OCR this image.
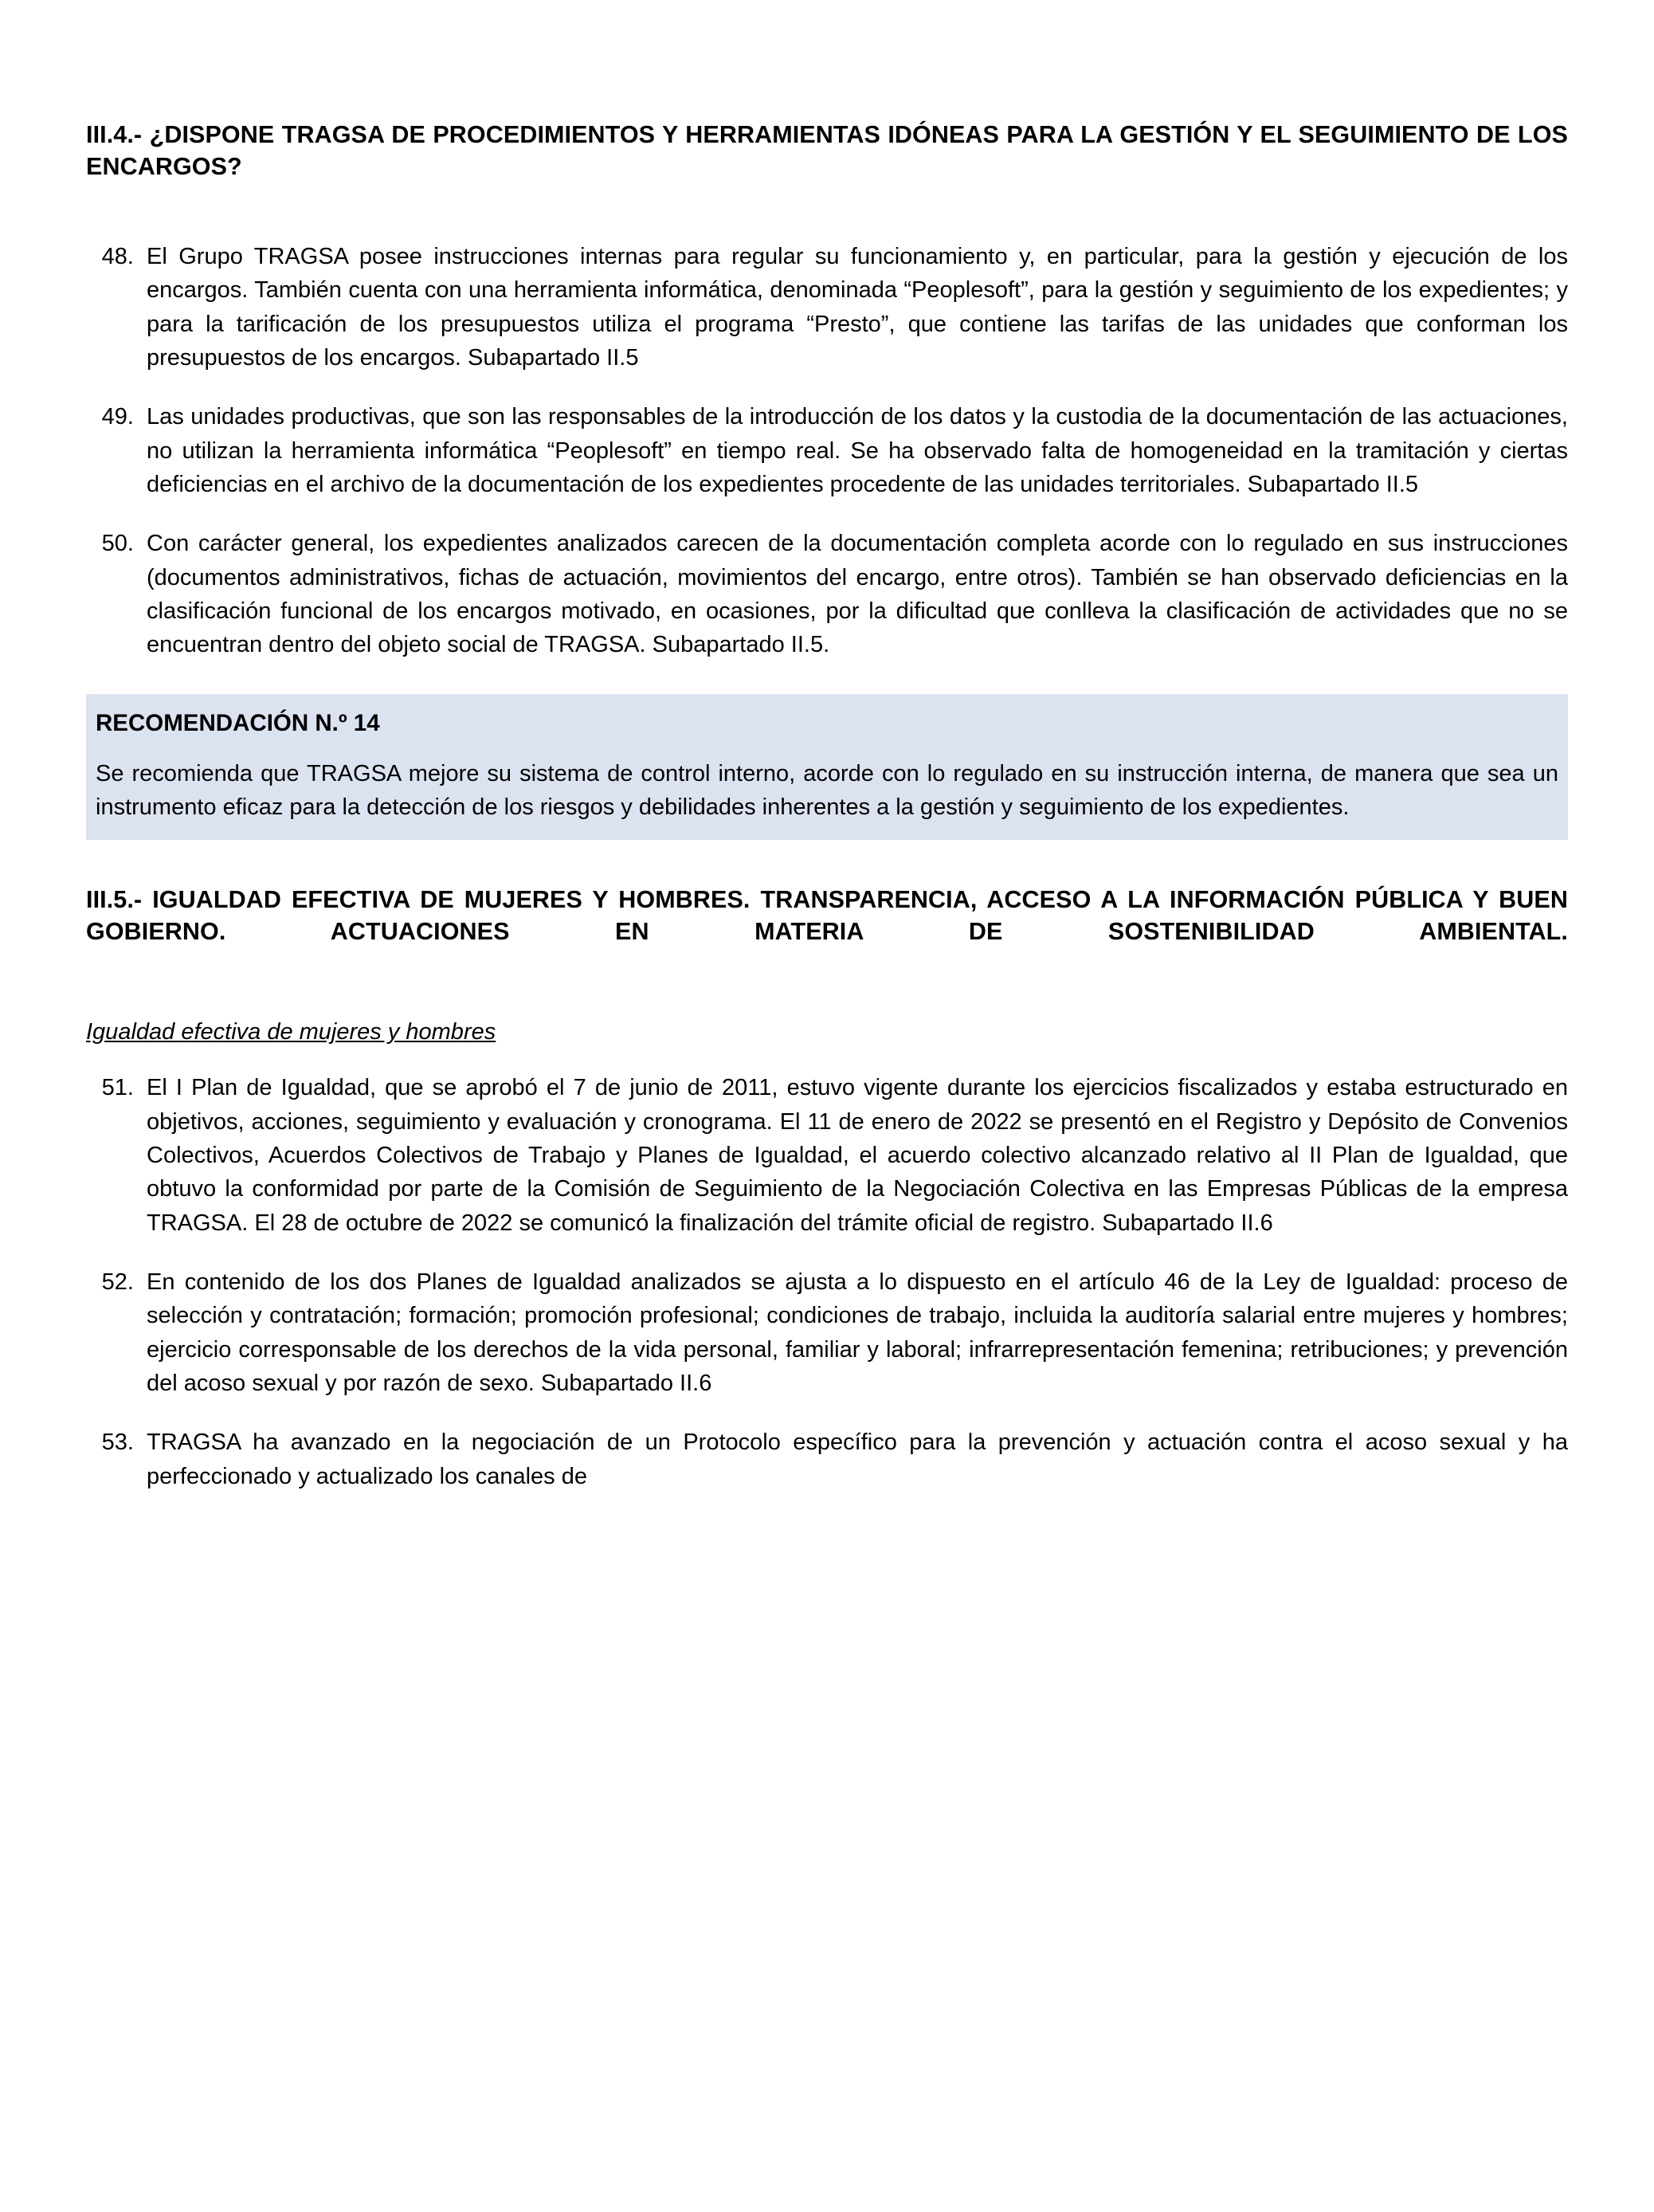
III.4.- ¿DISPONE TRAGSA DE PROCEDIMIENTOS Y HERRAMIENTAS IDÓNEAS PARA LA GESTIÓN Y EL SEGUIMIENTO DE LOS ENCARGOS?
48. El Grupo TRAGSA posee instrucciones internas para regular su funcionamiento y, en particular, para la gestión y ejecución de los encargos. También cuenta con una herramienta informática, denominada “Peoplesoft”, para la gestión y seguimiento de los expedientes; y para la tarificación de los presupuestos utiliza el programa “Presto”, que contiene las tarifas de las unidades que conforman los presupuestos de los encargos. Subapartado II.5
49. Las unidades productivas, que son las responsables de la introducción de los datos y la custodia de la documentación de las actuaciones, no utilizan la herramienta informática “Peoplesoft” en tiempo real. Se ha observado falta de homogeneidad en la tramitación y ciertas deficiencias en el archivo de la documentación de los expedientes procedente de las unidades territoriales. Subapartado II.5
50. Con carácter general, los expedientes analizados carecen de la documentación completa acorde con lo regulado en sus instrucciones (documentos administrativos, fichas de actuación, movimientos del encargo, entre otros). También se han observado deficiencias en la clasificación funcional de los encargos motivado, en ocasiones, por la dificultad que conlleva la clasificación de actividades que no se encuentran dentro del objeto social de TRAGSA. Subapartado II.5.
RECOMENDACIÓN N.º 14
Se recomienda que TRAGSA mejore su sistema de control interno, acorde con lo regulado en su instrucción interna, de manera que sea un instrumento eficaz para la detección de los riesgos y debilidades inherentes a la gestión y seguimiento de los expedientes.
III.5.- IGUALDAD EFECTIVA DE MUJERES Y HOMBRES. TRANSPARENCIA, ACCESO A LA INFORMACIÓN PÚBLICA Y BUEN GOBIERNO. ACTUACIONES EN MATERIA DE SOSTENIBILIDAD AMBIENTAL.
Igualdad efectiva de mujeres y hombres
51. El I Plan de Igualdad, que se aprobó el 7 de junio de 2011, estuvo vigente durante los ejercicios fiscalizados y estaba estructurado en objetivos, acciones, seguimiento y evaluación y cronograma. El 11 de enero de 2022 se presentó en el Registro y Depósito de Convenios Colectivos, Acuerdos Colectivos de Trabajo y Planes de Igualdad, el acuerdo colectivo alcanzado relativo al II Plan de Igualdad, que obtuvo la conformidad por parte de la Comisión de Seguimiento de la Negociación Colectiva en las Empresas Públicas de la empresa TRAGSA. El 28 de octubre de 2022 se comunicó la finalización del trámite oficial de registro. Subapartado II.6
52. En contenido de los dos Planes de Igualdad analizados se ajusta a lo dispuesto en el artículo 46 de la Ley de Igualdad: proceso de selección y contratación; formación; promoción profesional; condiciones de trabajo, incluida la auditoría salarial entre mujeres y hombres; ejercicio corresponsable de los derechos de la vida personal, familiar y laboral; infrarrepresentación femenina; retribuciones; y prevención del acoso sexual y por razón de sexo. Subapartado II.6
53. TRAGSA ha avanzado en la negociación de un Protocolo específico para la prevención y actuación contra el acoso sexual y ha perfeccionado y actualizado los canales de
